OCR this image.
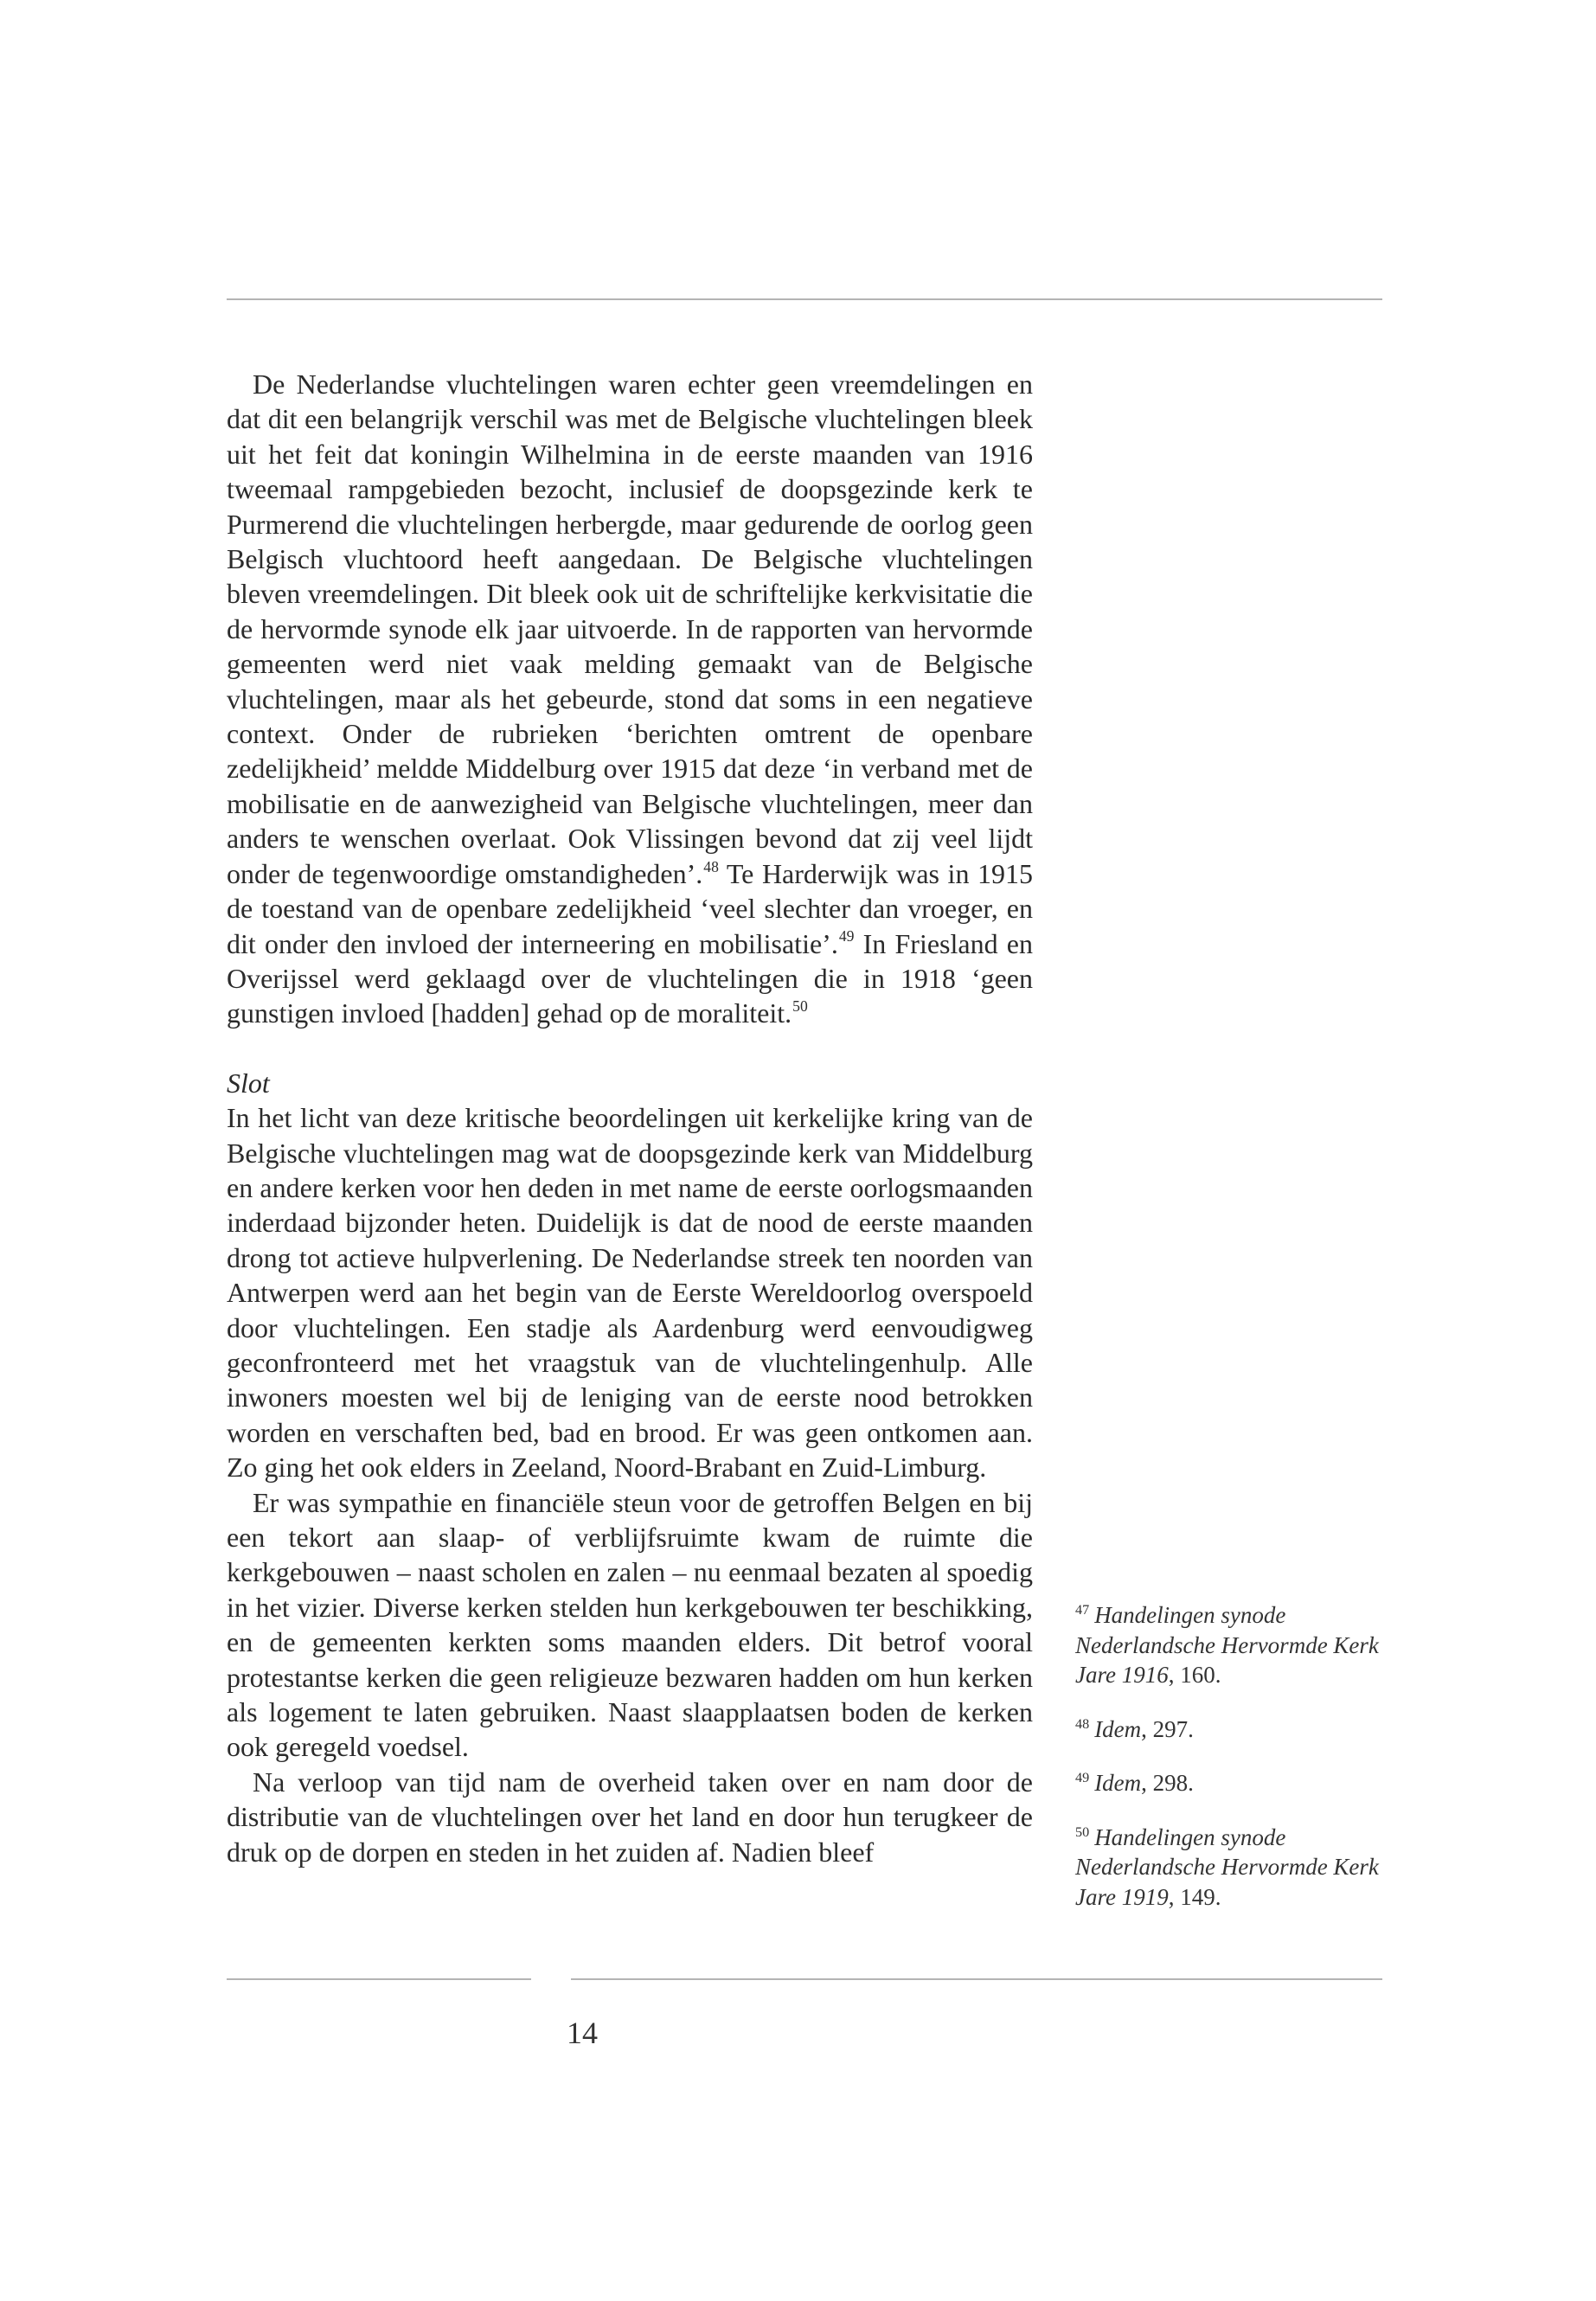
De Nederlandse vluchtelingen waren echter geen vreemdelingen en dat dit een belangrijk verschil was met de Belgische vluchtelingen bleek uit het feit dat koningin Wilhelmina in de eerste maanden van 1916 tweemaal rampgebieden bezocht, inclusief de doopsgezinde kerk te Purmerend die vluchtelingen herbergde, maar gedurende de oorlog geen Belgisch vluchtoord heeft aangedaan. De Belgische vluchtelingen bleven vreemdelingen. Dit bleek ook uit de schriftelijke kerkvisitatie die de hervormde synode elk jaar uitvoerde. In de rapporten van hervormde gemeenten werd niet vaak melding gemaakt van de Belgische vluchtelingen, maar als het gebeurde, stond dat soms in een negatieve context. Onder de rubrieken ‘berichten omtrent de openbare zedelijkheid’ meldde Middelburg over 1915 dat deze ‘in verband met de mobilisatie en de aanwezigheid van Belgische vluchtelingen, meer dan anders te wenschen overlaat. Ook Vlissingen bevond dat zij veel lijdt onder de tegenwoordige omstandigheden’.$^{48}$ Te Harderwijk was in 1915 de toestand van de openbare zedelijkheid ‘veel slechter dan vroeger, en dit onder den invloed der interneering en mobilisatie’.$^{49}$ In Friesland en Overijssel werd geklaagd over de vluchtelingen die in 1918 ‘geen gunstigen invloed [hadden] gehad op de moraliteit.$^{50}$

Slot

In het licht van deze kritische beoordelingen uit kerkelijke kring van de Belgische vluchtelingen mag wat de doopsgezinde kerk van Middelburg en andere kerken voor hen deden in met name de eerste oorlogsmaanden inderdaad bijzonder heten. Duidelijk is dat de nood de eerste maanden drong tot actieve hulpverlening. De Nederlandse streek ten noorden van Antwerpen werd aan het begin van de Eerste Wereldoorlog overspoeld door vluchtelingen. Een stadje als Aardenburg werd eenvoudigweg geconfronteerd met het vraagstuk van de vluchtelingenhulp. Alle inwoners moesten wel bij de leniging van de eerste nood betrokken worden en verschaften bed, bad en brood. Er was geen ontkomen aan. Zo ging het ook elders in Zeeland, Noord-Brabant en Zuid-Limburg.

Er was sympathie en financiële steun voor de getroffen Belgen en bij een tekort aan slaap- of verblijfsruimte kwam de ruimte die kerkgebouwen – naast scholen en zalen – nu eenmaal bezaten al spoedig in het vizier. Diverse kerken stelden hun kerkgebouwen ter beschikking, en de gemeenten kerkten soms maanden elders. Dit betrof vooral protestantse kerken die geen religieuze bezwaren hadden om hun kerken als logement te laten gebruiken. Naast slaapplaatsen boden de kerken ook geregeld voedsel.

Na verloop van tijd nam de overheid taken over en nam door de distributie van de vluchtelingen over het land en door hun terugkeer de druk op de dorpen en steden in het zuiden af. Nadien bleef

$^{47}$ Handelingen synode Nederlandsche Hervormde Kerk Jare 1916, 160.
$^{48}$ Idem, 297.
$^{49}$ Idem, 298.
$^{50}$ Handelingen synode Nederlandsche Hervormde Kerk Jare 1919, 149.
14
